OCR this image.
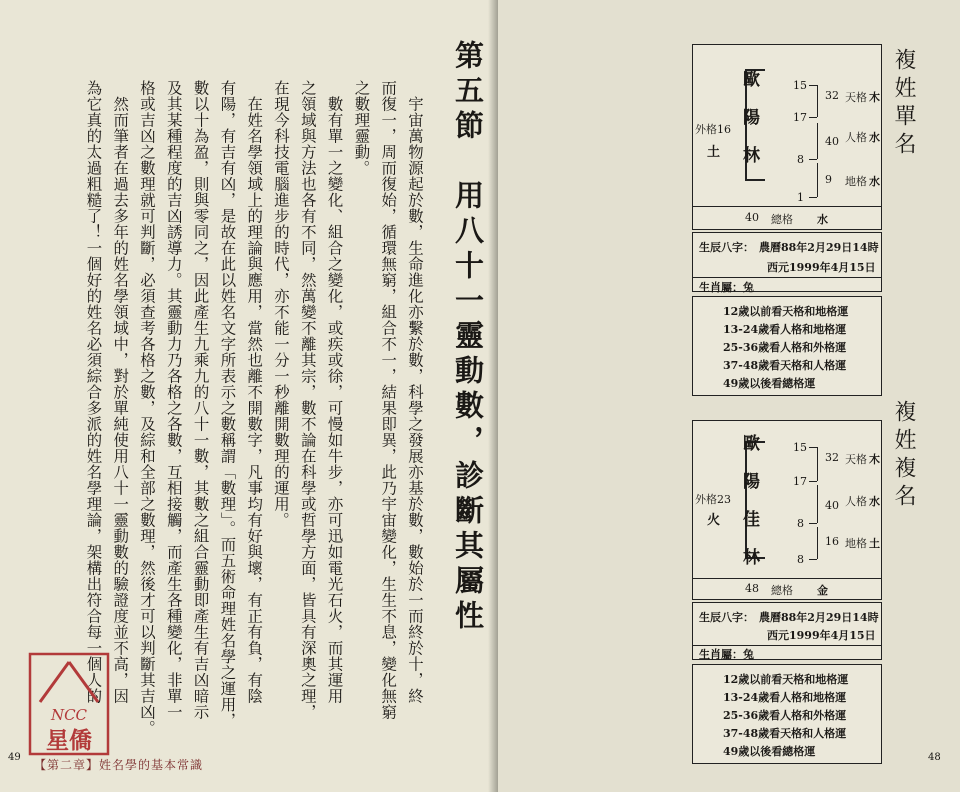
第五節　用八十一靈動數，診斷其屬性
　宇宙萬物源起於數，生命進化亦繫於數，科學之發展亦基於數，數始於一而終於十，終
而復一，周而復始，循環無窮，組合不一，結果即異，此乃宇宙變化，生生不息，變化無窮
之數理靈動。
　數有單一之變化、組合之變化，或疾或徐，可慢如牛步，亦可迅如電光石火，而其運用
之領域與方法也各有不同，然萬變不離其宗，數不論在科學或哲學方面，皆具有深奧之理，
在現今科技電腦進步的時代，亦不能一分一秒離開數理的運用。
　在姓名學領域上的理論與應用，當然也離不開數字，凡事均有好與壞，有正有負，有陰
有陽，有吉有凶，是故在此以姓名文字所表示之數稱謂「數理」。而五術命理姓名學之運用，
數以十為盈，則與零同之，因此產生九乘九的八十一數，其數之組合靈動即產生有吉凶暗示
及其某種程度的吉凶誘導力。其靈動力乃各格之各數，互相接觸，而產生各種變化，非單一
格或吉凶之數理就可判斷，必須查考各格之數，及綜和全部之數理，然後才可以判斷其吉凶。
　然而筆者在過去多年的姓名學領域中，對於單純使用八十一靈動數的驗證度並不高，因
為它真的太過粗糙了！一個好的姓名必須綜合多派的姓名學理論，架構出符合每一個人的
49
【第二章】姓名學的基本常識
NCC
星僑
複姓單名
複姓複名
48
歐
陽
林
15
17
8
1
32
40
9
天格 木
人格 水
地格 水
外格16
土
40 總格 水
生辰八字： 農曆88年2月29日14時
西元1999年4月15日
生肖屬：兔
12歲以前看天格和地格運
13-24歲看人格和地格運
25-36歲看人格和外格運
37-48歲看天格和人格運
49歲以後看總格運
歐
陽
佳
林
15
17
8
8
32
40
16
天格 木
人格 水
地格 土
外格23
火
48 總格 金
生辰八字： 農曆88年2月29日14時
西元1999年4月15日
生肖屬：兔
12歲以前看天格和地格運
13-24歲看人格和地格運
25-36歲看人格和外格運
37-48歲看天格和人格運
49歲以後看總格運
